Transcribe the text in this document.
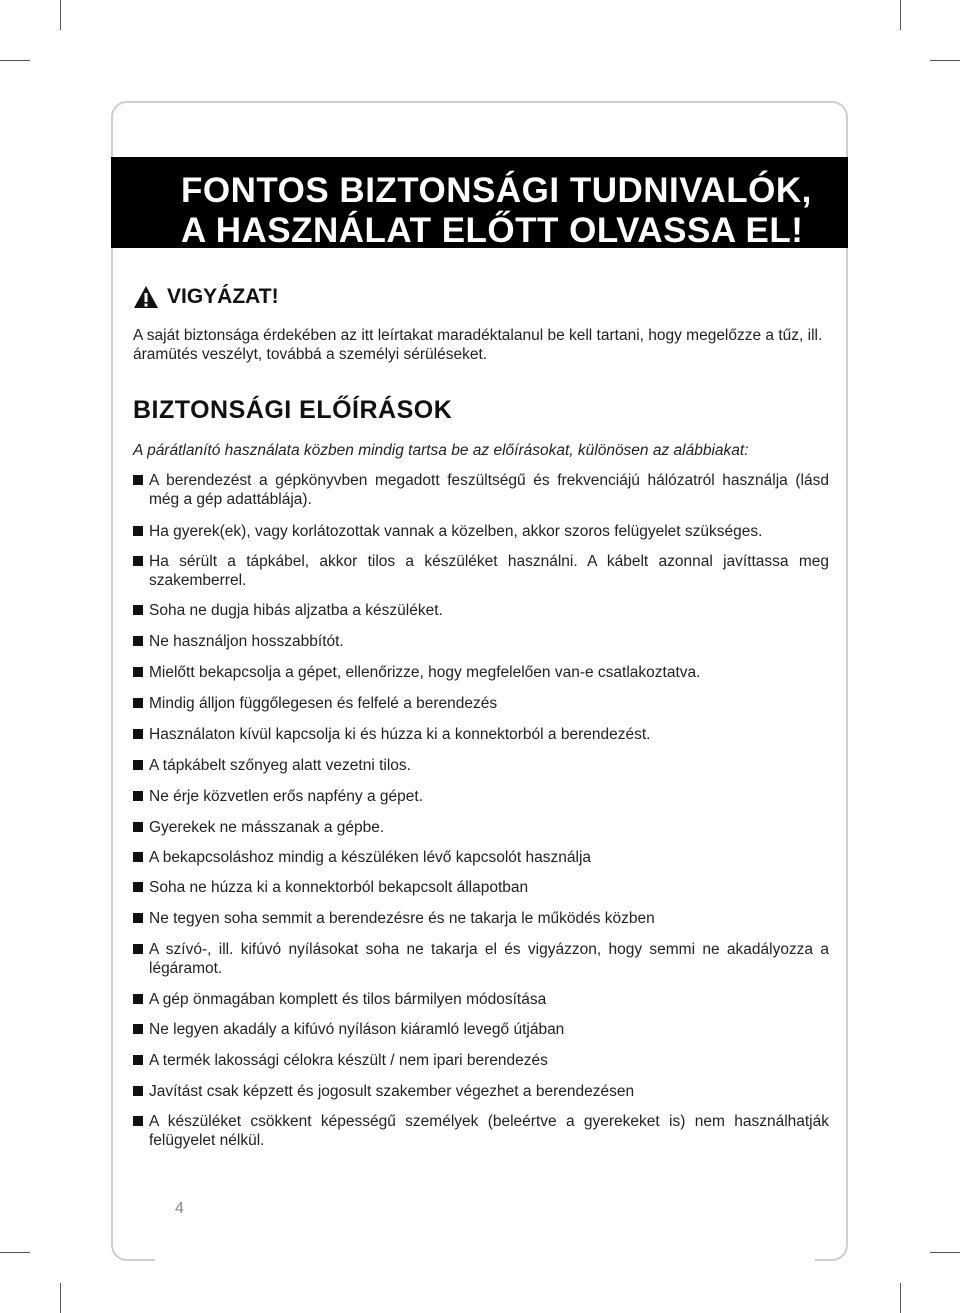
FONTOS BIZTONSÁGI TUDNIVALÓK,
A HASZNÁLAT ELŐTT OLVASSA EL!
VIGYÁZAT!
A saját biztonsága érdekében az itt leírtakat maradéktalanul be kell tartani, hogy megelőzze a tűz, ill. áramütés veszélyt, továbbá a személyi sérüléseket.
BIZTONSÁGI ELŐÍRÁSOK
A párátlanító használata közben mindig tartsa be az előírásokat, különösen az alábbiakat:
A berendezést a gépkönyvben megadott feszültségű és frekvenciájú hálózatról használja (lásd még a gép adattáblája).
Ha gyerek(ek), vagy korlátozottak vannak a közelben, akkor szoros felügyelet szükséges.
Ha sérült a tápkábel, akkor tilos a készüléket használni. A kábelt azonnal javíttassa meg szakemberrel.
Soha ne dugja hibás aljzatba a készüléket.
Ne használjon hosszabbítót.
Mielőtt bekapcsolja a gépet, ellenőrizze, hogy megfelelően van-e csatlakoztatva.
Mindig álljon függőlegesen és felfelé a berendezés
Használaton kívül kapcsolja ki és húzza ki a konnektorból a berendezést.
A tápkábelt szőnyeg alatt vezetni tilos.
Ne érje közvetlen erős napfény a gépet.
Gyerekek ne másszanak a gépbe.
A bekapcsoláshoz mindig a készüléken lévő kapcsolót használja
Soha ne húzza ki a konnektorból bekapcsolt állapotban
Ne tegyen soha semmit a berendezésre és ne takarja le működés közben
A szívó-, ill. kifúvó nyílásokat soha ne takarja el és vigyázzon, hogy semmi ne akadályozza a légáramot.
A gép önmagában komplett és tilos bármilyen módosítása
Ne legyen akadály a kifúvó nyíláson kiáramló levegő útjában
A termék lakossági célokra készült / nem ipari berendezés
Javítást csak képzett és jogosult szakember végezhet a berendezésen
A készüléket csökkent képességű személyek (beleértve a gyerekeket is) nem használhatják felügyelet nélkül.
4
